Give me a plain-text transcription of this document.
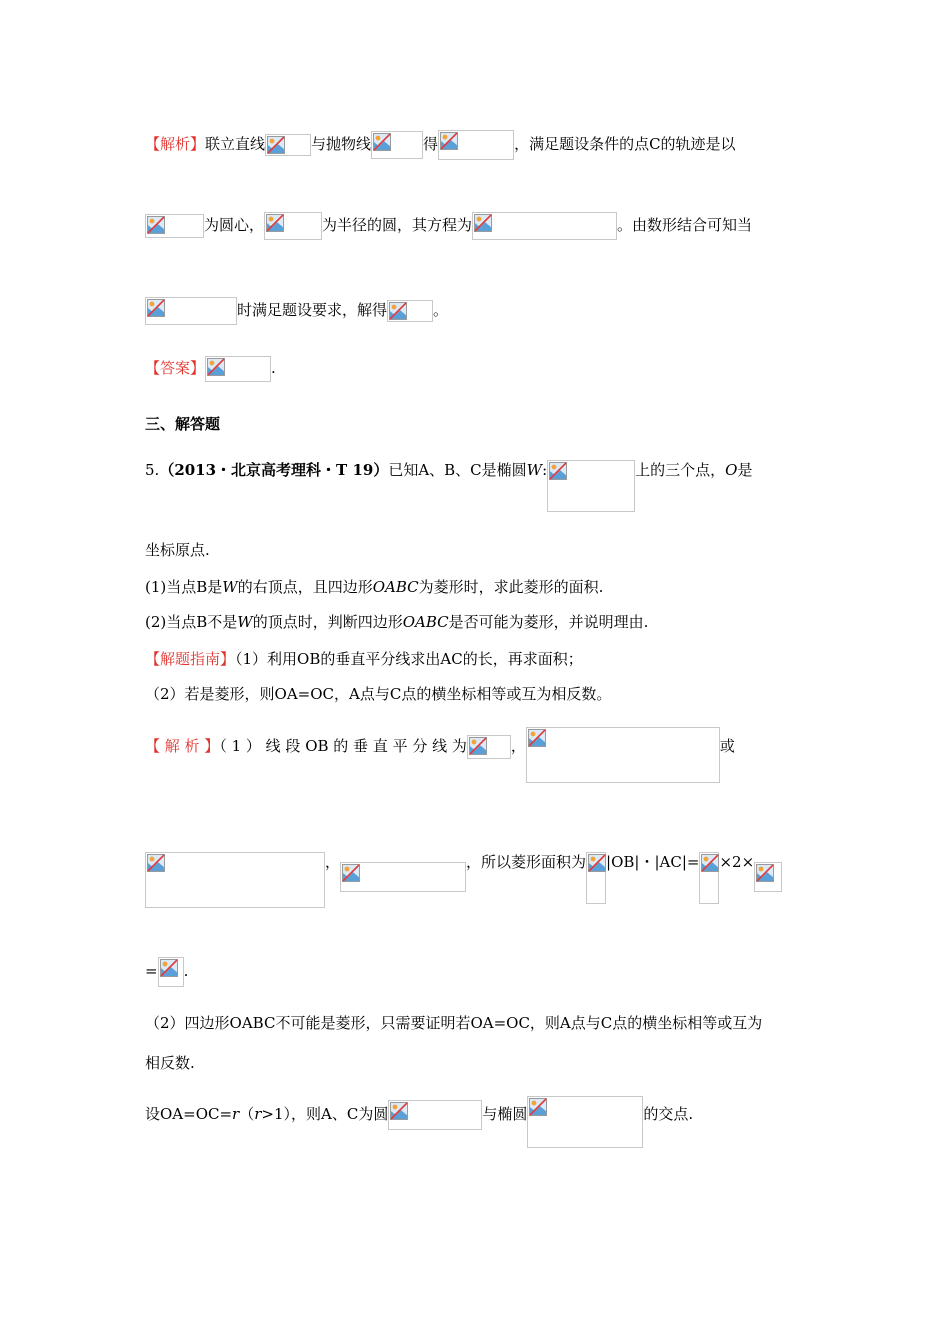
【解析】联立直线	与抛物线	得	，满足题设条件的点C的轨迹是以
为圆心，	为半径的圆，其方程为	。由数形结合可知当
时满足题设要求，解得	。
【答案】	.
三、解答题
5.（2013・北京高考理科・T 19）已知A、B、C是椭圆W:	上的三个点，O是
坐标原点.
(1)当点B是W的右顶点，且四边形OABC为菱形时，求此菱形的面积.
(2)当点B不是W的顶点时，判断四边形OABC是否可能为菱形，并说明理由.
【解题指南】（1）利用OB的垂直平分线求出AC的长，再求面积；
（2）若是菱形，则OA=OC，A点与C点的横坐标相等或互为相反数。
【 解 析 】（ 1 ） 线 段 OB 的 垂 直 平 分 线 为	，	或
，	，所以菱形面积为 |OB|・|AC|= ×2×
= .
（2）四边形OABC不可能是菱形，只需要证明若OA=OC，则A点与C点的横坐标相等或互为
相反数.
设OA=OC=r（r>1），则A、C为圆	与椭圆	的交点.
